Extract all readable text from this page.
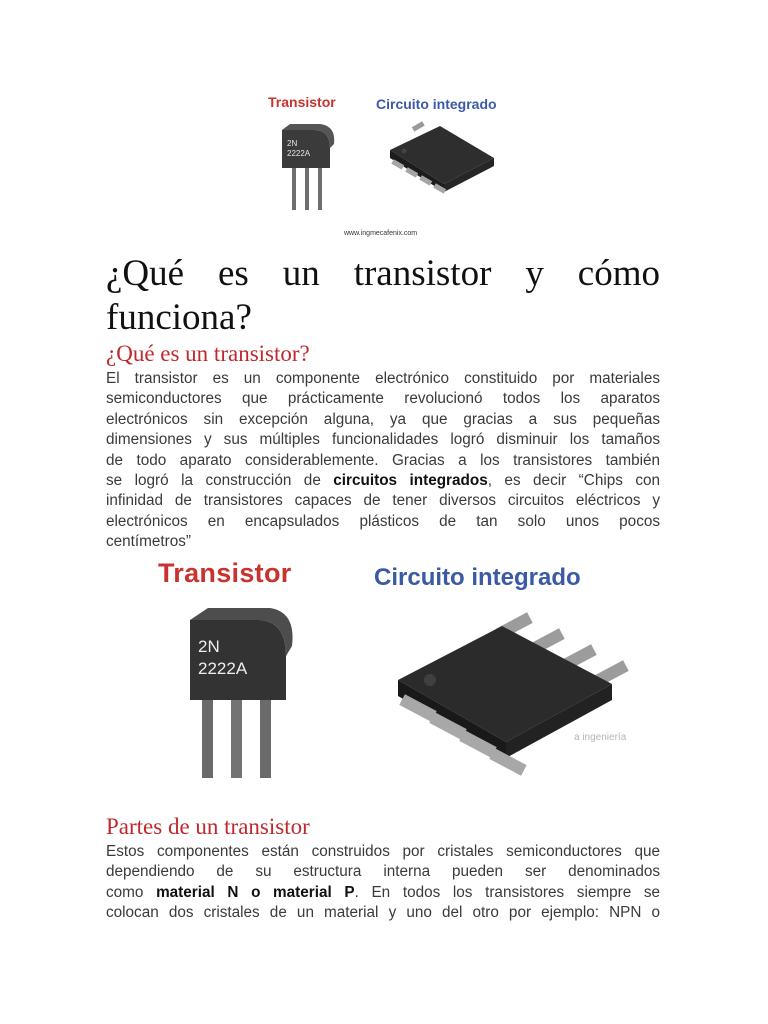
Transistor	Circuito integrado
2N
2222A
www.ingmecafenix.com
¿Qué es un transistor y cómo
funciona?
¿Qué es un transistor?
El transistor es un componente electrónico constituido por materiales
semiconductores que prácticamente revolucionó todos los aparatos
electrónicos sin excepción alguna, ya que gracias a sus pequeñas
dimensiones y sus múltiples funcionalidades logró disminuir los tamaños
de todo aparato considerablemente. Gracias a los transistores también
se logró la construcción de circuitos integrados, es decir “Chips con
infinidad de transistores capaces de tener diversos circuitos eléctricos y
electrónicos en encapsulados plásticos de tan solo unos pocos
centímetros”
Transistor	Circuito integrado
2N
2222A
a ingeniería
Partes de un transistor
Estos componentes están construidos por cristales semiconductores que
dependiendo de su estructura interna pueden ser denominados
como material N o material P. En todos los transistores siempre se
colocan dos cristales de un material y uno del otro por ejemplo: NPN o
